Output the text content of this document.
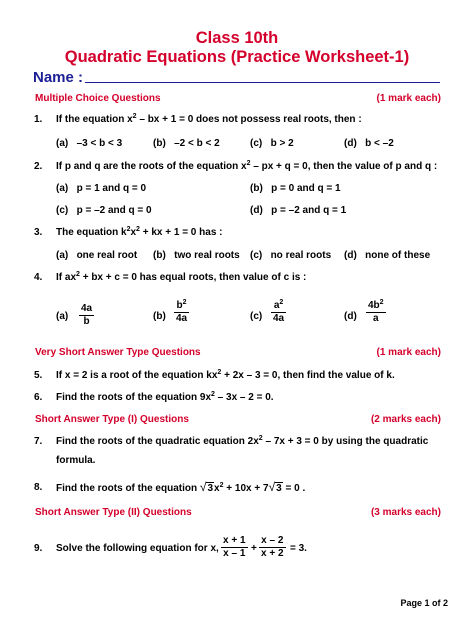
Class 10th
Quadratic Equations (Practice Worksheet-1)
Name :
Multiple Choice Questions	(1 mark each)
1. If the equation $x^2$ – bx + 1 = 0 does not possess real roots, then :
(a) –3 < b < 3	(b) –2 < b < 2	(c) b > 2	(d) b < –2
2. If p and q are the roots of the equation $x^2$ – px + q = 0, then the value of p and q :
(a) p = 1 and q = 0	(b) p = 0 and q = 1
(c) p = –2 and q = 0	(d) p = –2 and q = 1
3. The equation $k^2x^2$ + kx + 1 = 0 has :
(a) one real root (b) two real roots (c) no real roots (d) none of these
4. If $ax^2$ + bx + c = 0 has equal roots, then value of c is :
$(a) \frac{4a}{b}$	$(b) \frac{b^2}{4a}$	$(c) \frac{a^2}{4a}$	$(d) \frac{4b^2}{a}$
Very Short Answer Type Questions	(1 mark each)
5. If x = 2 is a root of the equation $kx^2 + 2x - 3 = 0$, then find the value of k.
6. Find the roots of the equation $9x^2 - 3x - 2 = 0$.
Short Answer Type (I) Questions	(2 marks each)
7. Find the roots of the quadratic equation $2x^2 - 7x + 3 = 0$ by using the quadratic
formula.
8. Find the roots of the equation $√3x^2 + 10x + 7√3 = 0$ .
Short Answer Type (II) Questions	(3 marks each)
9. Solve the following equation for x, $\frac{x + 1}{x - 1} + \frac{x - 2}{x + 2} = 3$.
Page 1 of 2
